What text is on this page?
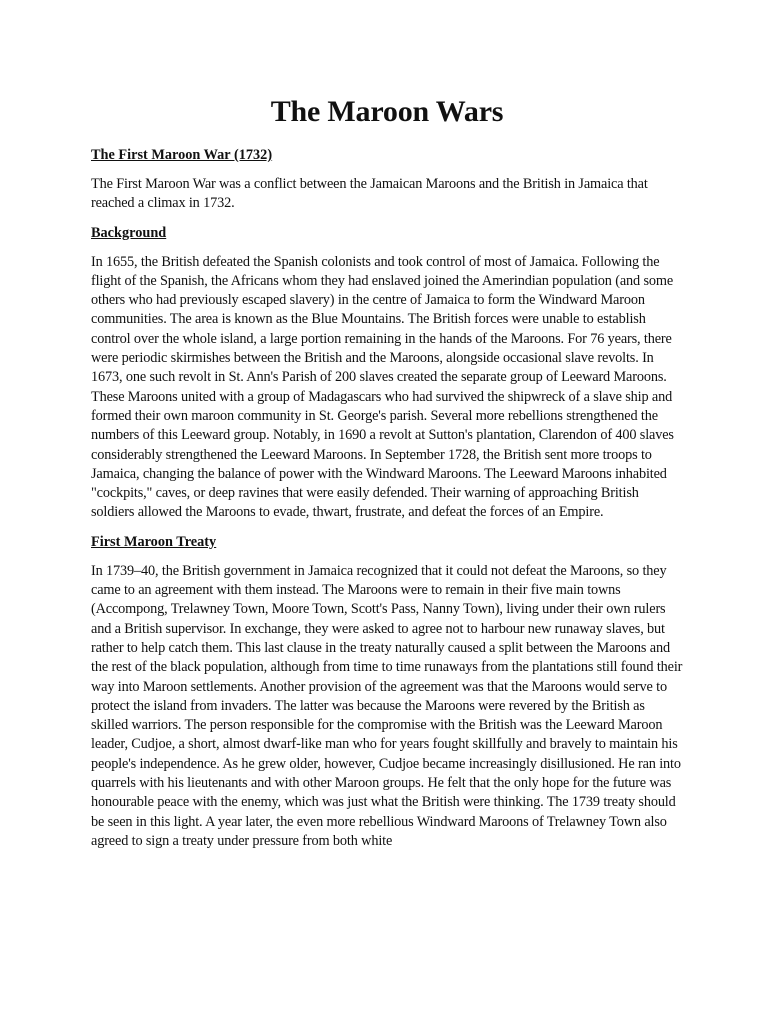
The Maroon Wars
The First Maroon War (1732)

The First Maroon War was a conflict between the Jamaican Maroons and the British in Jamaica that reached a climax in 1732.

Background

In 1655, the British defeated the Spanish colonists and took control of most of Jamaica. Following the flight of the Spanish, the Africans whom they had enslaved joined the Amerindian population (and some others who had previously escaped slavery) in the centre of Jamaica to form the Windward Maroon communities. The area is known as the Blue Mountains. The British forces were unable to establish control over the whole island, a large portion remaining in the hands of the Maroons. For 76 years, there were periodic skirmishes between the British and the Maroons, alongside occasional slave revolts. In 1673, one such revolt in St. Ann's Parish of 200 slaves created the separate group of Leeward Maroons. These Maroons united with a group of Madagascars who had survived the shipwreck of a slave ship and formed their own maroon community in St. George's parish. Several more rebellions strengthened the numbers of this Leeward group. Notably, in 1690 a revolt at Sutton's plantation, Clarendon of 400 slaves considerably strengthened the Leeward Maroons. In September 1728, the British sent more troops to Jamaica, changing the balance of power with the Windward Maroons. The Leeward Maroons inhabited "cockpits," caves, or deep ravines that were easily defended. Their warning of approaching British soldiers allowed the Maroons to evade, thwart, frustrate, and defeat the forces of an Empire.

First Maroon Treaty

In 1739–40, the British government in Jamaica recognized that it could not defeat the Maroons, so they came to an agreement with them instead. The Maroons were to remain in their five main towns (Accompong, Trelawney Town, Moore Town, Scott's Pass, Nanny Town), living under their own rulers and a British supervisor. In exchange, they were asked to agree not to harbour new runaway slaves, but rather to help catch them. This last clause in the treaty naturally caused a split between the Maroons and the rest of the black population, although from time to time runaways from the plantations still found their way into Maroon settlements. Another provision of the agreement was that the Maroons would serve to protect the island from invaders. The latter was because the Maroons were revered by the British as skilled warriors. The person responsible for the compromise with the British was the Leeward Maroon leader, Cudjoe, a short, almost dwarf-like man who for years fought skillfully and bravely to maintain his people's independence. As he grew older, however, Cudjoe became increasingly disillusioned. He ran into quarrels with his lieutenants and with other Maroon groups. He felt that the only hope for the future was honourable peace with the enemy, which was just what the British were thinking. The 1739 treaty should be seen in this light. A year later, the even more rebellious Windward Maroons of Trelawney Town also agreed to sign a treaty under pressure from both white
